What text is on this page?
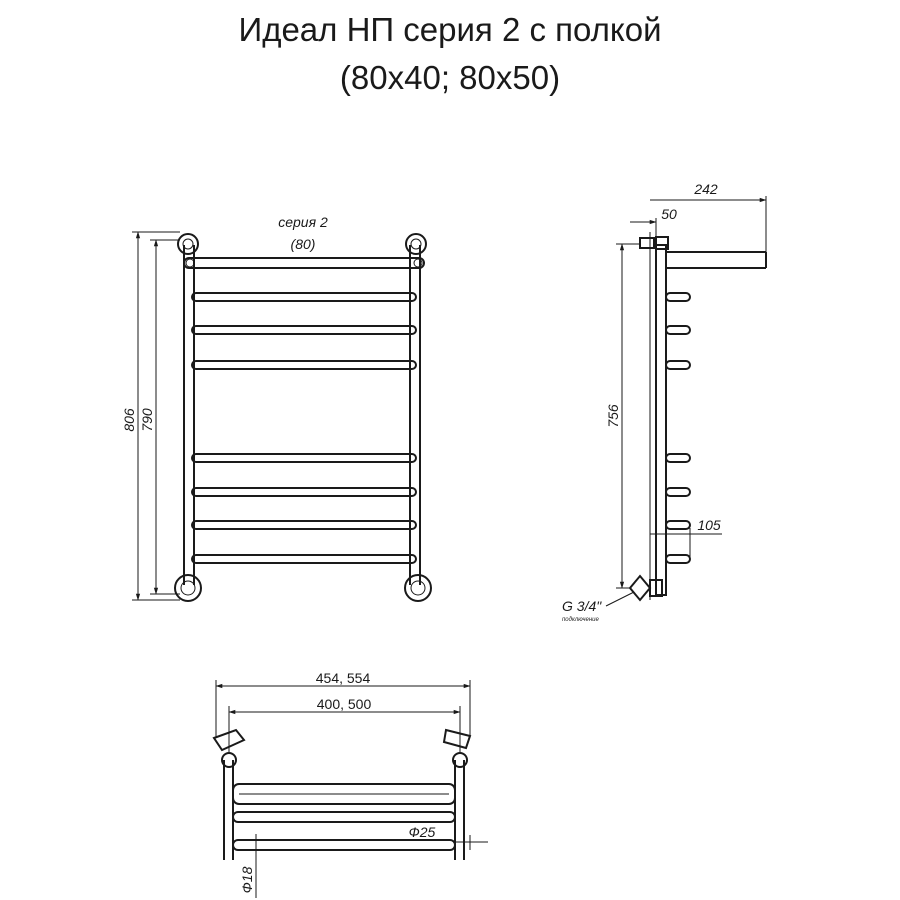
Идеал НП серия 2 с полкой
(80х40; 80х50)
серия 2
(80)
806 790
242
50
756
105
G 3/4"
подключение
454, 554
400, 500
Ф25
Ф18
